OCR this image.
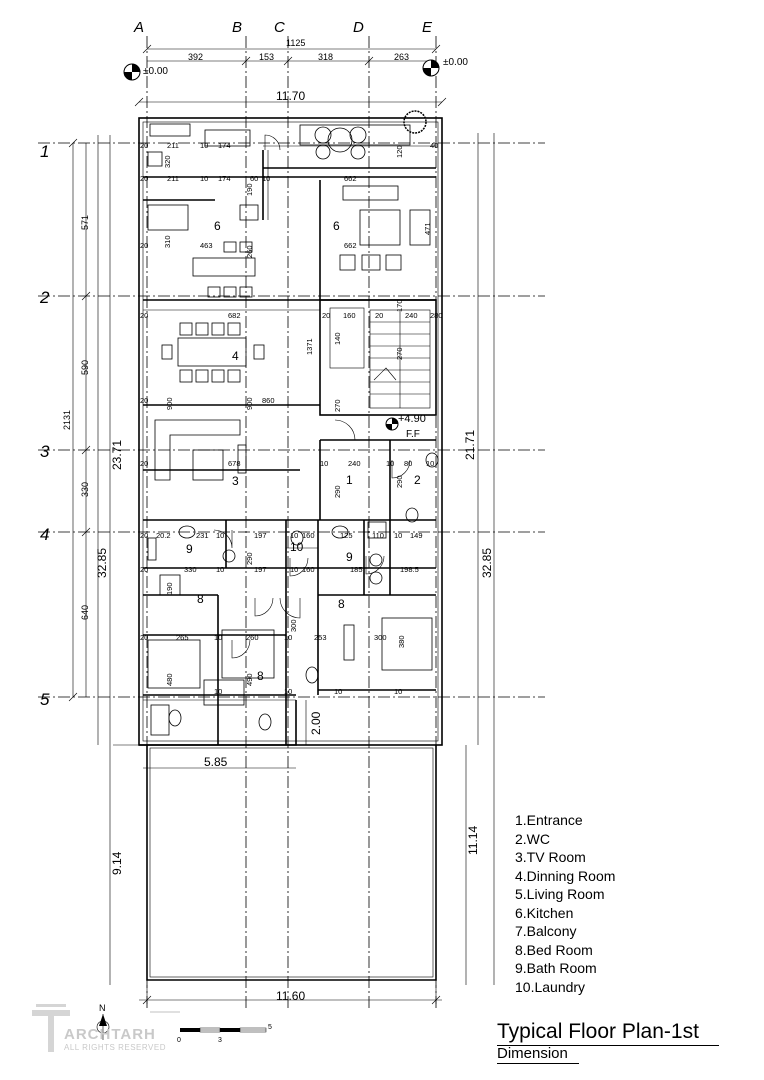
A	B C	D	E
1
2
3
4
5
1125
392	153	318	263
±0.00
±0.00
11.70
2131
571
590
330
640
23.71
32.85
9.14
21.71
32.85
11.14
211	10 174
20
211	10 174	60 10
20	662
320
190
310	463
20	260	662
471
20	682
1371
20 160	20	240 280
170
140
270
20 900	900 860	270
20	678	10	240	10 80 10
290
290
20 20.2	231 10	197	10 160	125	110 10 149
20	330	10	197	10 160	185	198.5
290
190
20	265	10	260	10	253	300
300
380
480	490
10	10	10	10
40
120
5.85
2.00
+4.90
F.F
6	6
4
3	1	2
9	10
9
8	8
8
11.60
N
0	3
5
ARCHTARH
ALL RIGHTS RESERVED
1.Entrance
2.WC
3.TV Room
4.Dinning Room
5.Living Room
6.Kitchen
7.Balcony
8.Bed Room
9.Bath Room
10.Laundry
Typical Floor Plan-1st
Dimension
